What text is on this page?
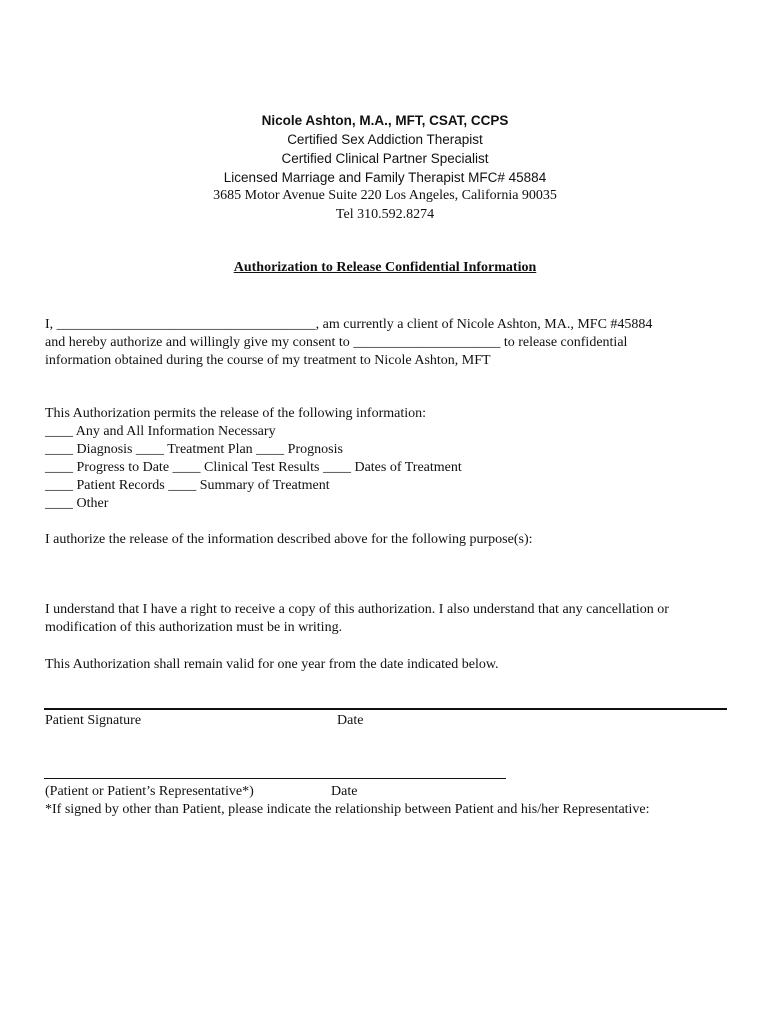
Nicole Ashton, M.A., MFT, CSAT, CCPS
Certified Sex Addiction Therapist
Certified Clinical Partner Specialist
Licensed Marriage and Family Therapist MFC# 45884
3685 Motor Avenue Suite 220 Los Angeles, California 90035
Tel 310.592.8274
Authorization to Release Confidential Information
I, _____________________________________, am currently a client of Nicole Ashton, MA., MFC #45884
and hereby authorize and willingly give my consent to _____________________ to release confidential
information obtained during the course of my treatment to Nicole Ashton, MFT
This Authorization permits the release of the following information:
____ Any and All Information Necessary
____ Diagnosis ____ Treatment Plan ____ Prognosis
____ Progress to Date ____ Clinical Test Results ____ Dates of Treatment
____ Patient Records ____ Summary of Treatment
____ Other
I authorize the release of the information described above for the following purpose(s):
I understand that I have a right to receive a copy of this authorization. I also understand that any cancellation or
modification of this authorization must be in writing.
This Authorization shall remain valid for one year from the date indicated below.
Patient Signature	Date
(Patient or Patient’s Representative*)	Date
*If signed by other than Patient, please indicate the relationship between Patient and his/her Representative:
